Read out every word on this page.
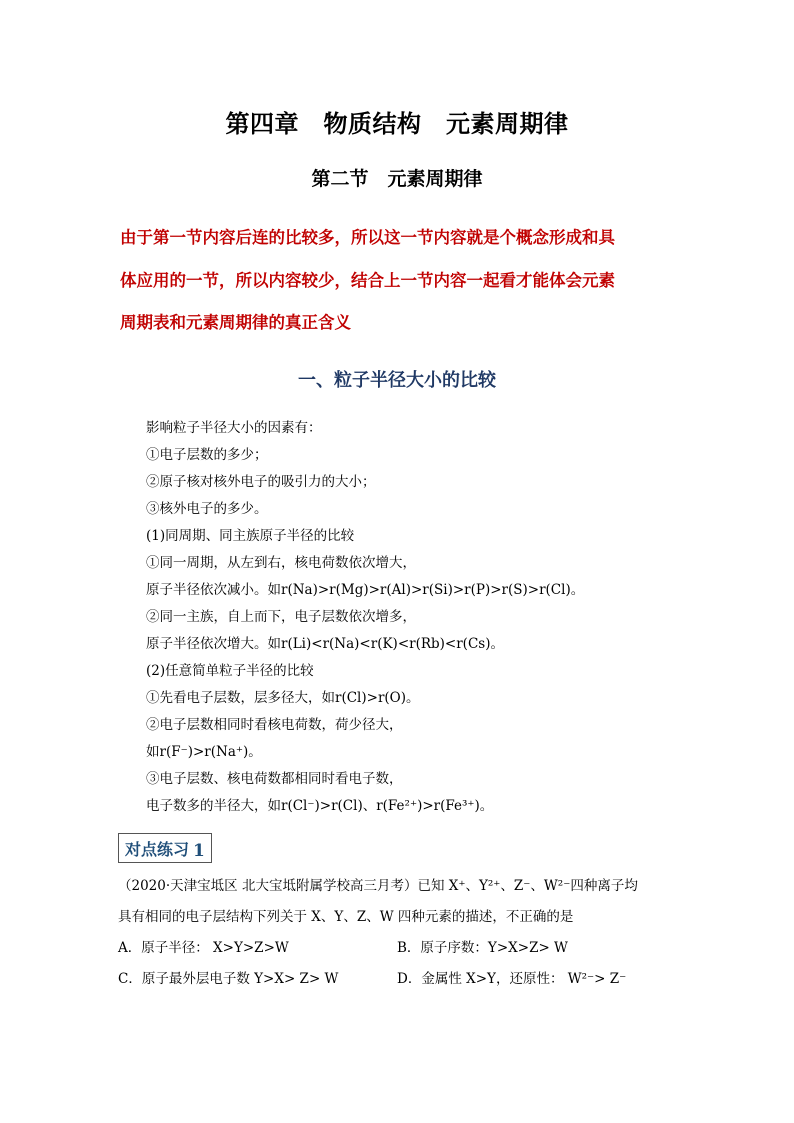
第四章　物质结构　元素周期律
第二节　元素周期律
由于第一节内容后连的比较多，所以这一节内容就是个概念形成和具
体应用的一节，所以内容较少，结合上一节内容一起看才能体会元素
周期表和元素周期律的真正含义
一、粒子半径大小的比较
影响粒子半径大小的因素有：
①电子层数的多少；
②原子核对核外电子的吸引力的大小；
③核外电子的多少。
(1)同周期、同主族原子半径的比较
①同一周期，从左到右，核电荷数依次增大，
原子半径依次减小。如r(Na)>r(Mg)>r(Al)>r(Si)>r(P)>r(S)>r(Cl)。
②同一主族，自上而下，电子层数依次增多，
原子半径依次增大。如r(Li)<r(Na)<r(K)<r(Rb)<r(Cs)。
(2)任意简单粒子半径的比较
①先看电子层数，层多径大，如r(Cl)>r(O)。
②电子层数相同时看核电荷数，荷少径大，
如r(F⁻)>r(Na⁺)。
③电子层数、核电荷数都相同时看电子数，
电子数多的半径大，如r(Cl⁻)>r(Cl)、r(Fe²⁺)>r(Fe³⁺)。
对点练习 1
（2020·天津宝坻区 北大宝坻附属学校高三月考）已知 X⁺、Y²⁺、Z⁻、W²⁻四种离子均
具有相同的电子层结构下列关于 X、Y、Z、W 四种元素的描述，不正确的是
A．原子半径： X>Y>Z>W	B．原子序数：Y>X>Z> W
C．原子最外层电子数 Y>X> Z> W	D．金属性 X>Y，还原性： W²⁻> Z⁻
